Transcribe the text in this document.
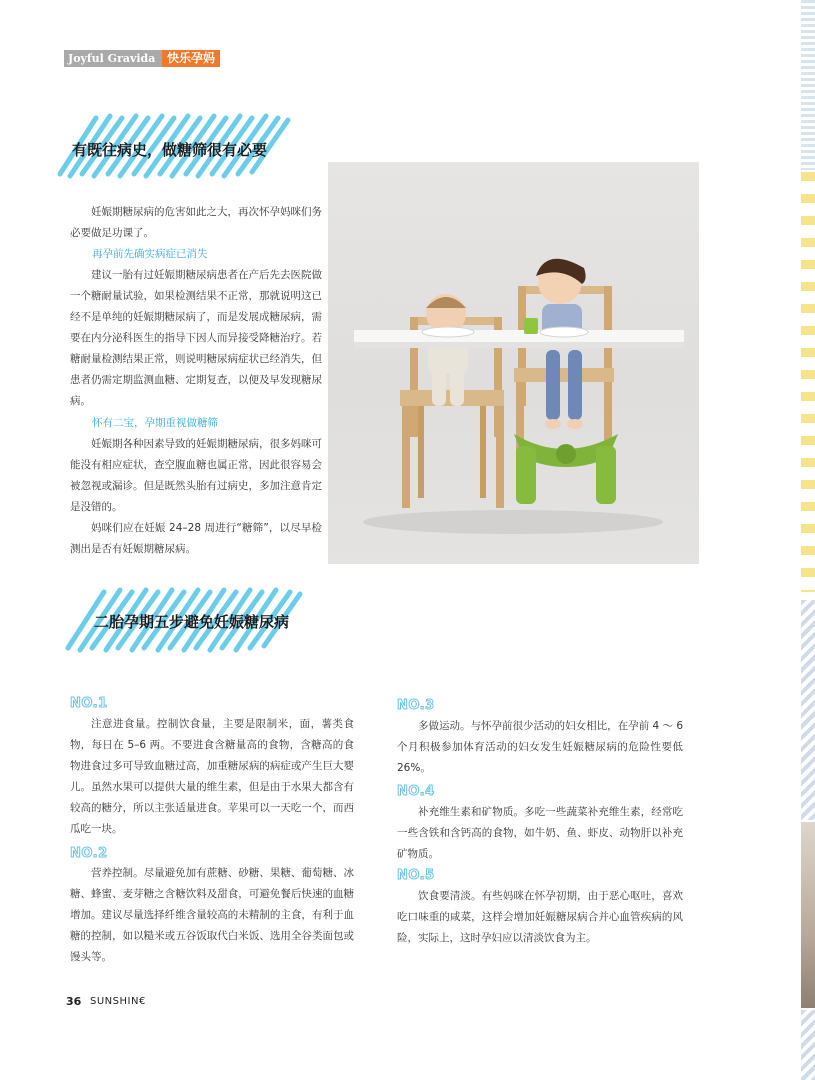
Joyful Gravida 快乐孕妈
有既往病史，做糖筛很有必要
妊娠期糖尿病的危害如此之大，再次怀孕妈咪们务必要做足功课了。
再孕前先确实病症已消失
建议一胎有过妊娠期糖尿病患者在产后先去医院做一个糖耐量试验，如果检测结果不正常，那就说明这已经不是单纯的妊娠期糖尿病了，而是发展成糖尿病，需要在内分泌科医生的指导下因人而异接受降糖治疗。若糖耐量检测结果正常，则说明糖尿病症状已经消失，但患者仍需定期监测血糖、定期复查，以便及早发现糖尿病。
怀有二宝，孕期重视做糖筛
妊娠期各种因素导致的妊娠期糖尿病，很多妈咪可能没有相应症状，查空腹血糖也属正常，因此很容易会被忽视或漏诊。但是既然头胎有过病史，多加注意肯定是没错的。
妈咪们应在妊娠 24–28 周进行“糖筛”，以尽早检测出是否有妊娠期糖尿病。
二胎孕期五步避免妊娠糖尿病
NO.1
注意进食量。控制饮食量，主要是限制米，面，薯类食物，每日在 5–6 两。不要进食含糖量高的食物，含糖高的食物进食过多可导致血糖过高，加重糖尿病的病症或产生巨大婴儿。虽然水果可以提供大量的维生素，但是由于水果大都含有较高的糖分，所以主张适量进食。苹果可以一天吃一个，而西瓜吃一块。
NO.2
营养控制。尽量避免加有蔗糖、砂糖、果糖、葡萄糖、冰糖、蜂蜜、麦芽糖之含糖饮料及甜食，可避免餐后快速的血糖增加。建议尽量选择纤维含量较高的未精制的主食，有利于血糖的控制，如以糙米或五谷饭取代白米饭、选用全谷类面包或馒头等。
NO.3
多做运动。与怀孕前很少活动的妇女相比，在孕前 4 ～ 6 个月积极参加体育活动的妇女发生妊娠糖尿病的危险性要低 26%。
NO.4
补充维生素和矿物质。多吃一些蔬菜补充维生素，经常吃一些含铁和含钙高的食物，如牛奶、鱼、虾皮、动物肝以补充矿物质。
NO.5
饮食要清淡。有些妈咪在怀孕初期，由于恶心呕吐，喜欢吃口味重的咸菜，这样会增加妊娠糖尿病合并心血管疾病的风险，实际上，这时孕妇应以清淡饮食为主。
36 SUNSHIN€
